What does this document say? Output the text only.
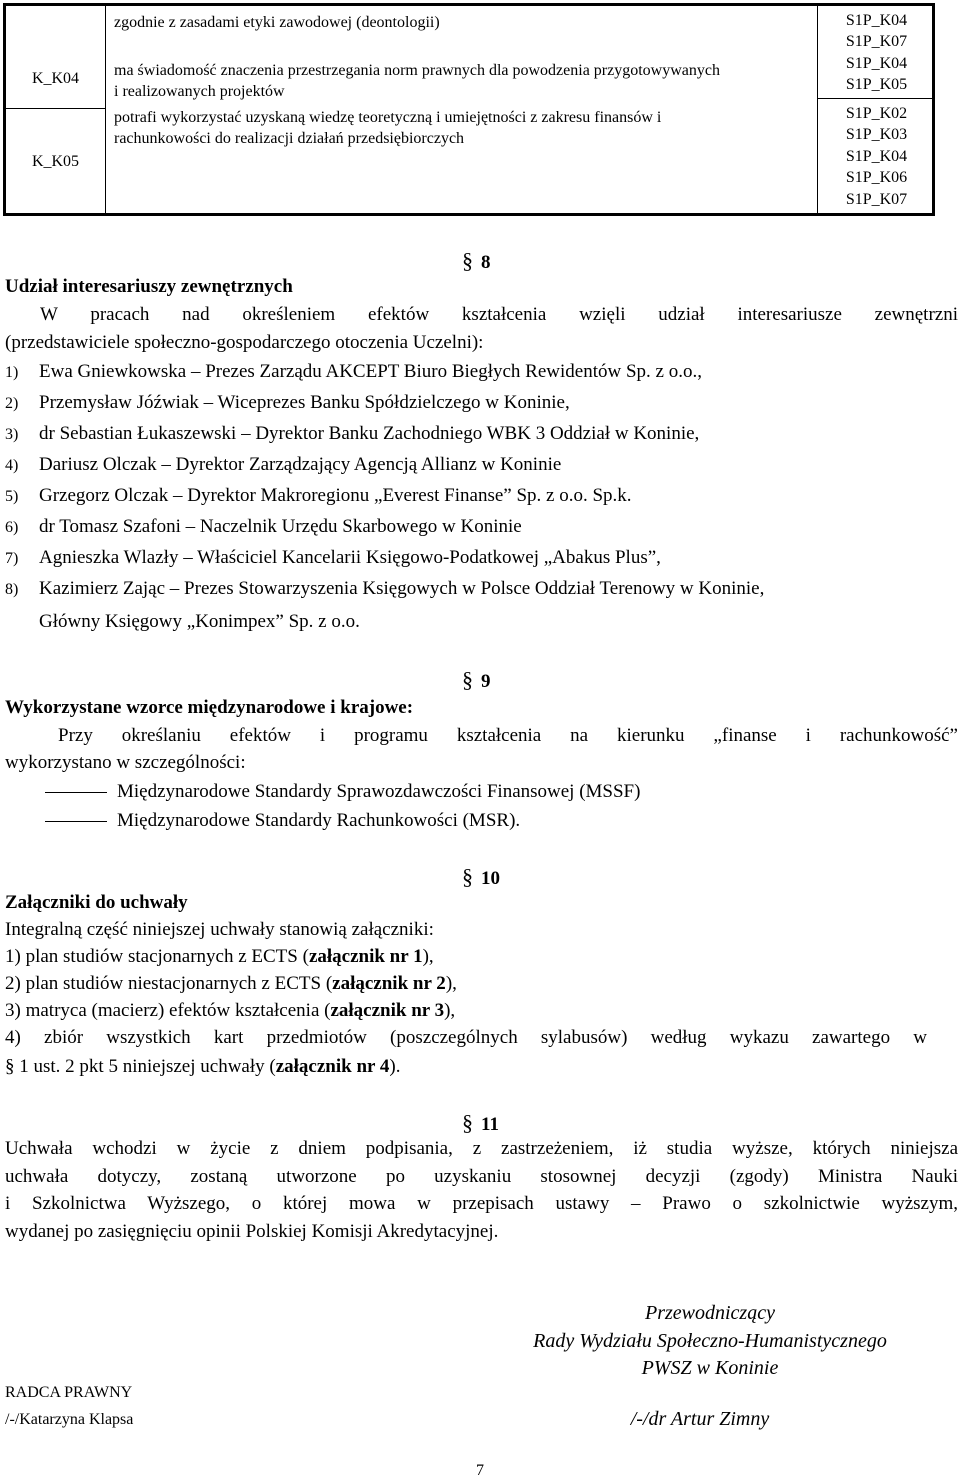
zgodnie z zasadami etyki zawodowej (deontologii)	S1P_K04
S1P_K07
K_K04	ma świadomość znaczenia przestrzegania norm prawnych dla powodzenia przygotowywanych
i realizowanych projektów
S1P_K04
S1P_K05
K_K05
potrafi wykorzystać uzyskaną wiedzę teoretyczną i umiejętności z zakresu finansów i
rachunkowości do realizacji działań przedsiębiorczych
S1P_K02
S1P_K03
S1P_K04
S1P_K06
S1P_K07
§ 8
Udział interesariuszy zewnętrznych
W pracach nad określeniem efektów kształcenia wzięli udział interesariusze zewnętrzni
(przedstawiciele społeczno-gospodarczego otoczenia Uczelni):
1) Ewa Gniewkowska – Prezes Zarządu AKCEPT Biuro Biegłych Rewidentów Sp. z o.o.,
2) Przemysław Jóźwiak – Wiceprezes Banku Spółdzielczego w Koninie,
3) dr Sebastian Łukaszewski – Dyrektor Banku Zachodniego WBK 3 Oddział w Koninie,
4) Dariusz Olczak – Dyrektor Zarządzający Agencją Allianz w Koninie
5) Grzegorz Olczak – Dyrektor Makroregionu „Everest Finanse” Sp. z o.o. Sp.k.
6) dr Tomasz Szafoni – Naczelnik Urzędu Skarbowego w Koninie
7) Agnieszka Wlazły – Właściciel Kancelarii Księgowo-Podatkowej „Abakus Plus”,
8) Kazimierz Zając – Prezes Stowarzyszenia Księgowych w Polsce Oddział Terenowy w Koninie,
Główny Księgowy „Konimpex” Sp. z o.o.
§ 9
Wykorzystane wzorce międzynarodowe i krajowe:
Przy określaniu efektów i programu kształcenia na kierunku „finanse i rachunkowość”
wykorzystano w szczególności:
Międzynarodowe Standardy Sprawozdawczości Finansowej (MSSF)
Międzynarodowe Standardy Rachunkowości (MSR).
§ 10
Załączniki do uchwały
Integralną część niniejszej uchwały stanowią załączniki:
1) plan studiów stacjonarnych z ECTS (załącznik nr 1),
2) plan studiów niestacjonarnych z ECTS (załącznik nr 2),
3) matryca (macierz) efektów kształcenia (załącznik nr 3),
4) zbiór wszystkich kart przedmiotów (poszczególnych sylabusów) według wykazu zawartego w
§ 1 ust. 2 pkt 5 niniejszej uchwały (załącznik nr 4).
§ 11
Uchwała wchodzi w życie z dniem podpisania, z zastrzeżeniem, iż studia wyższe, których niniejsza
uchwała dotyczy, zostaną utworzone po uzyskaniu stosownej decyzji (zgody) Ministra Nauki
i Szkolnictwa Wyższego, o której mowa w przepisach ustawy – Prawo o szkolnictwie wyższym,
wydanej po zasięgnięciu opinii Polskiej Komisji Akredytacyjnej.
Przewodniczący
Rady Wydziału Społeczno-Humanistycznego
PWSZ w Koninie
/-/dr Artur Zimny
RADCA PRAWNY
/-/Katarzyna Klapsa
7
